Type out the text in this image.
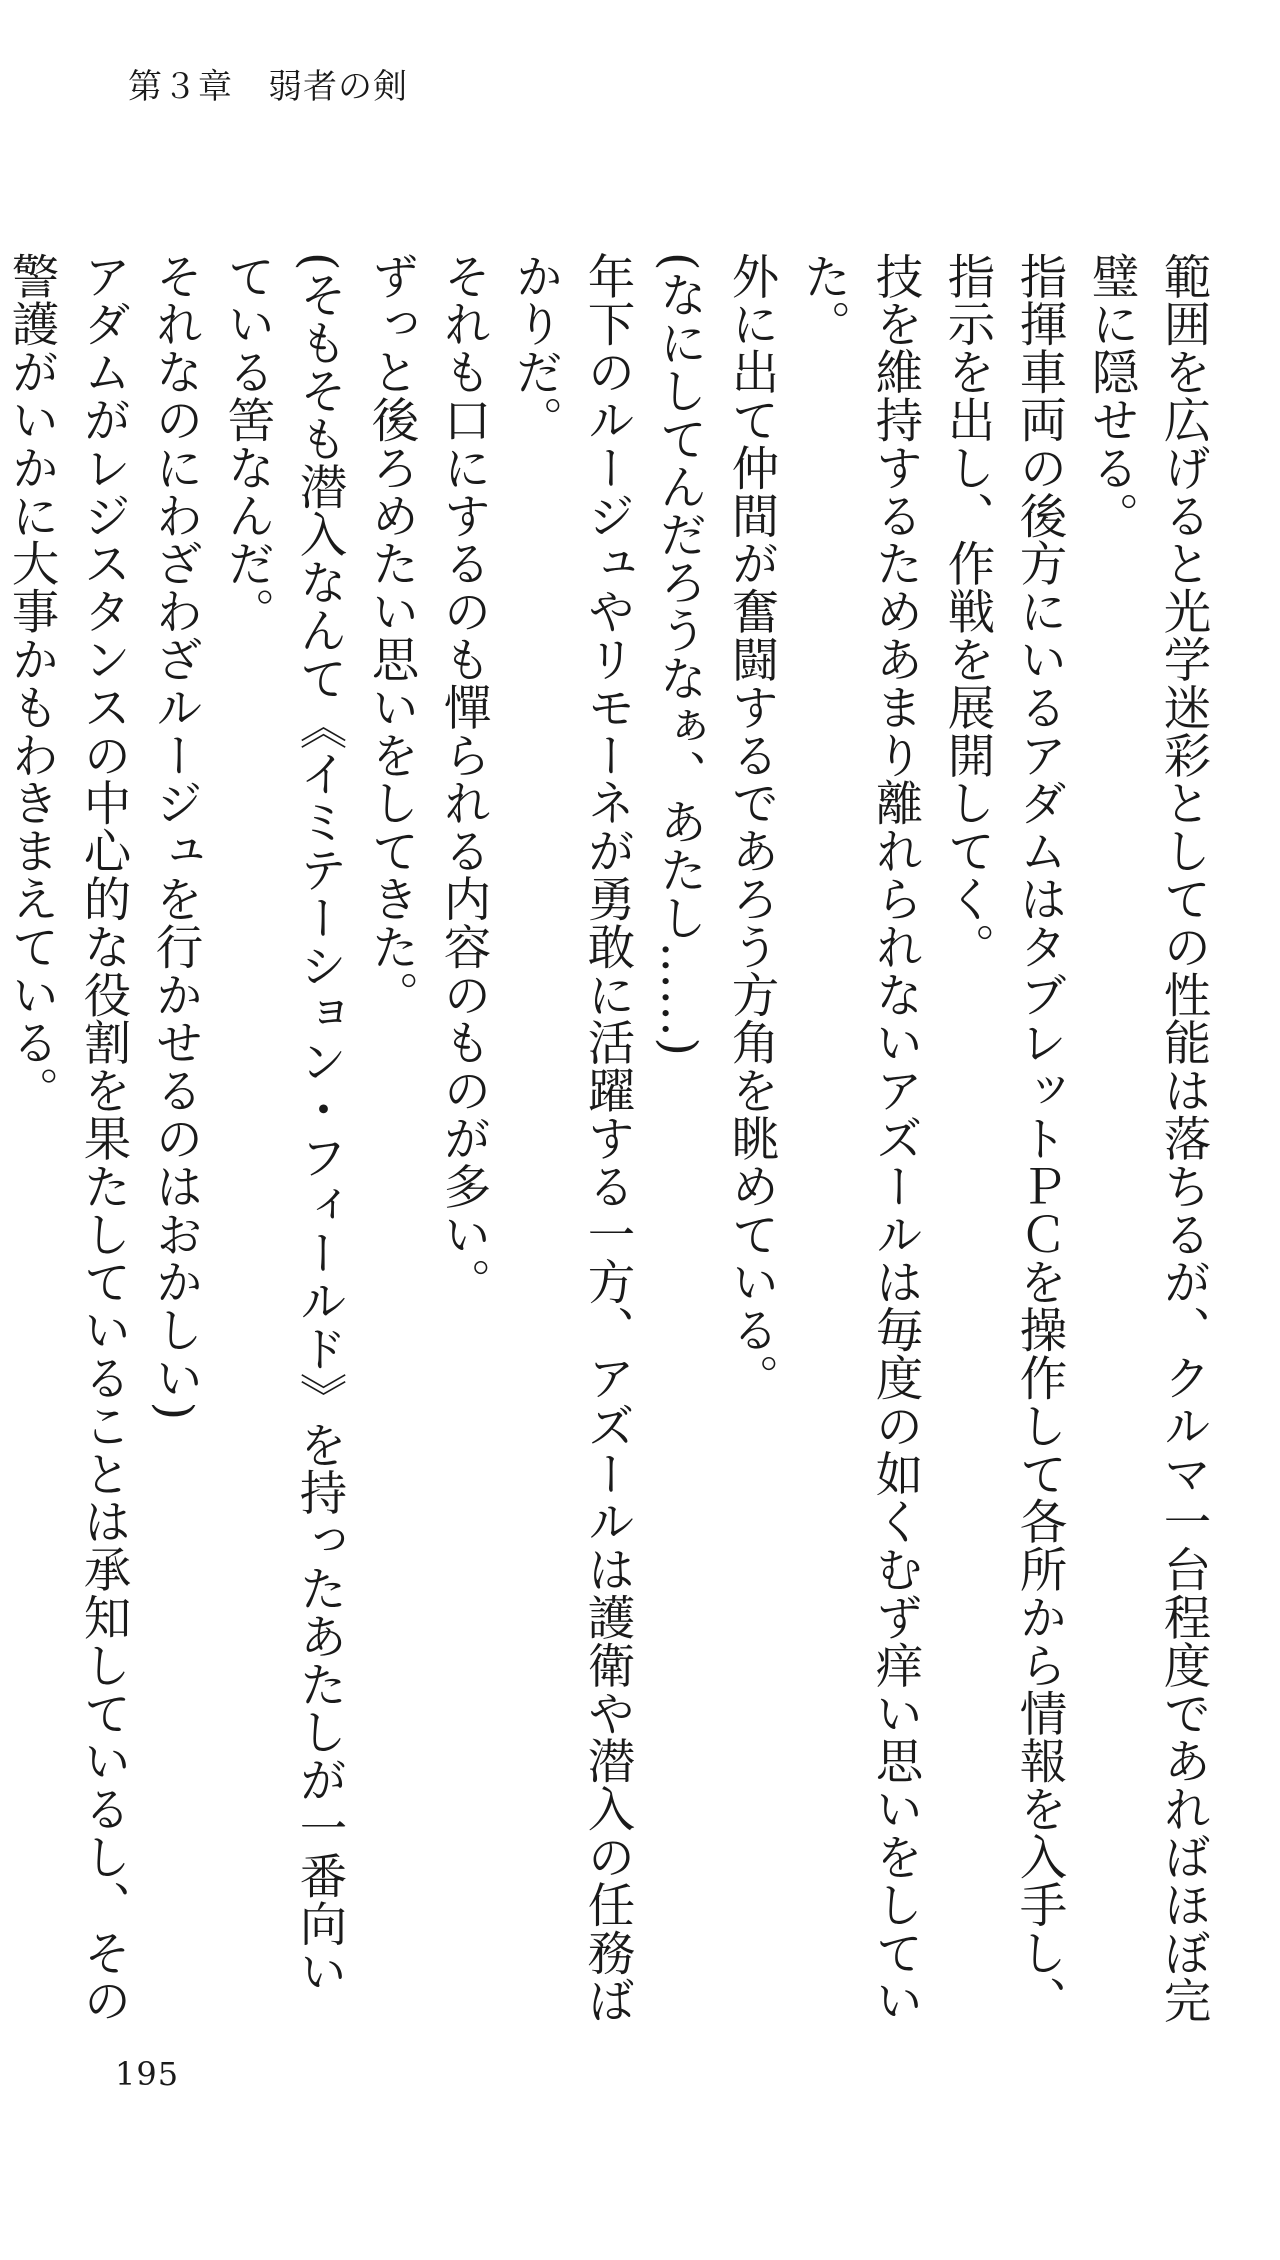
第３章　 弱者の剣

範囲を広げると光学迷彩としての性能は落ちるが、クルマ一台程度であればほぼ完璧に隠せる。

指揮車両の後方にいるアダムはタブレットＰＣを操作して各所から情報を入手し、指示を出し、作戦を展開してく。

技を維持するためあまり離れられないアズールは毎度の如くむず痒い思いをしていた。

外に出て仲間が奮闘するであろう方角を眺めている。

(なにしてんだろうなぁ、あたし……)

年下のルージュやリモーネが勇敢に活躍する一方、アズールは護衛や潜入の任務ばかりだ。

それも口にするのも憚られる内容のものが多い。

ずっと後ろめたい思いをしてきた。

(そもそも潜入なんて《イミテーション・フィールド》を持ったあたしが一番向いている筈なんだ。

それなのにわざわざルージュを行かせるのはおかしい)

アダムがレジスタンスの中心的な役割を果たしていることは承知しているし、その警護がいかに大事かもわきまえている。

195
